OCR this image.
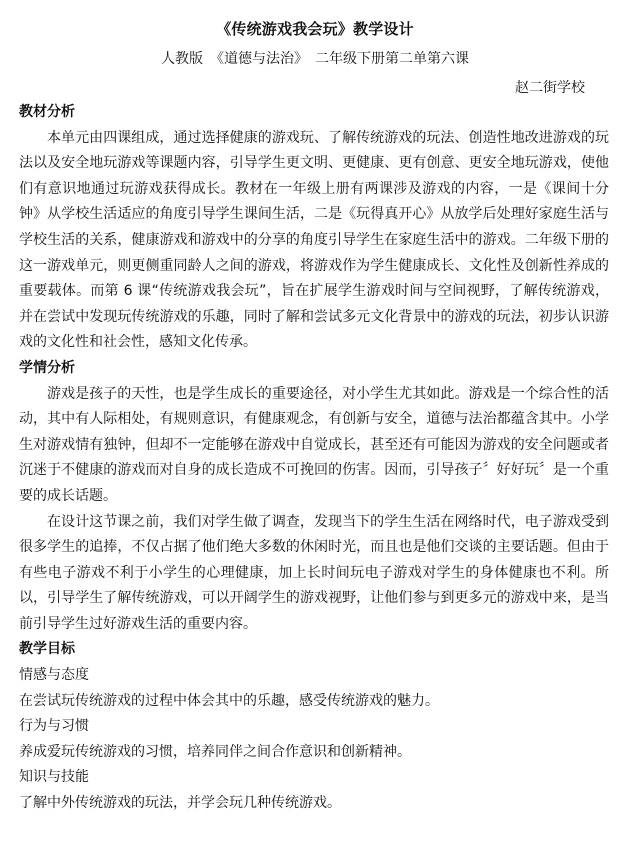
《传统游戏我会玩》教学设计
人教版　《道德与法治》　二年级下册第二单第六课
赵二街学校

教材分析

本单元由四课组成，通过选择健康的游戏玩、了解传统游戏的玩法、创造性地改进游戏的玩法以及安全地玩游戏等课题内容，引导学生更文明、更健康、更有创意、更安全地玩游戏，使他们有意识地通过玩游戏获得成长。教材在一年级上册有两课涉及游戏的内容，一是《课间十分钟》从学校生活适应的角度引导学生课间生活，二是《玩得真开心》从放学后处理好家庭生活与学校生活的关系，健康游戏和游戏中的分享的角度引导学生在家庭生活中的游戏。二年级下册的这一游戏单元，则更侧重同龄人之间的游戏，将游戏作为学生健康成长、文化性及创新性养成的重要载体。而第 6 课“传统游戏我会玩”，旨在扩展学生游戏时间与空间视野，了解传统游戏，并在尝试中发现玩传统游戏的乐趣，同时了解和尝试多元文化背景中的游戏的玩法，初步认识游戏的文化性和社会性，感知文化传承。

学情分析

游戏是孩子的天性，也是学生成长的重要途径，对小学生尤其如此。游戏是一个综合性的活动，其中有人际相处，有规则意识，有健康观念，有创新与安全，道德与法治都蕴含其中。小学生对游戏情有独钟，但却不一定能够在游戏中自觉成长，甚至还有可能因为游戏的安全问题或者沉迷于不健康的游戏而对自身的成长造成不可挽回的伤害。因而，引导孩子〞好好玩〞是一个重要的成长话题。

在设计这节课之前，我们对学生做了调查，发现当下的学生生活在网络时代，电子游戏受到很多学生的追捧，不仅占据了他们绝大多数的休闲时光，而且也是他们交谈的主要话题。但由于有些电子游戏不利于小学生的心理健康，加上长时间玩电子游戏对学生的身体健康也不利。所以，引导学生了解传统游戏，可以开阔学生的游戏视野，让他们参与到更多元的游戏中来，是当前引导学生过好游戏生活的重要内容。

教学目标

情感与态度

在尝试玩传统游戏的过程中体会其中的乐趣，感受传统游戏的魅力。

行为与习惯

养成爱玩传统游戏的习惯，培养同伴之间合作意识和创新精神。

知识与技能

了解中外传统游戏的玩法，并学会玩几种传统游戏。
